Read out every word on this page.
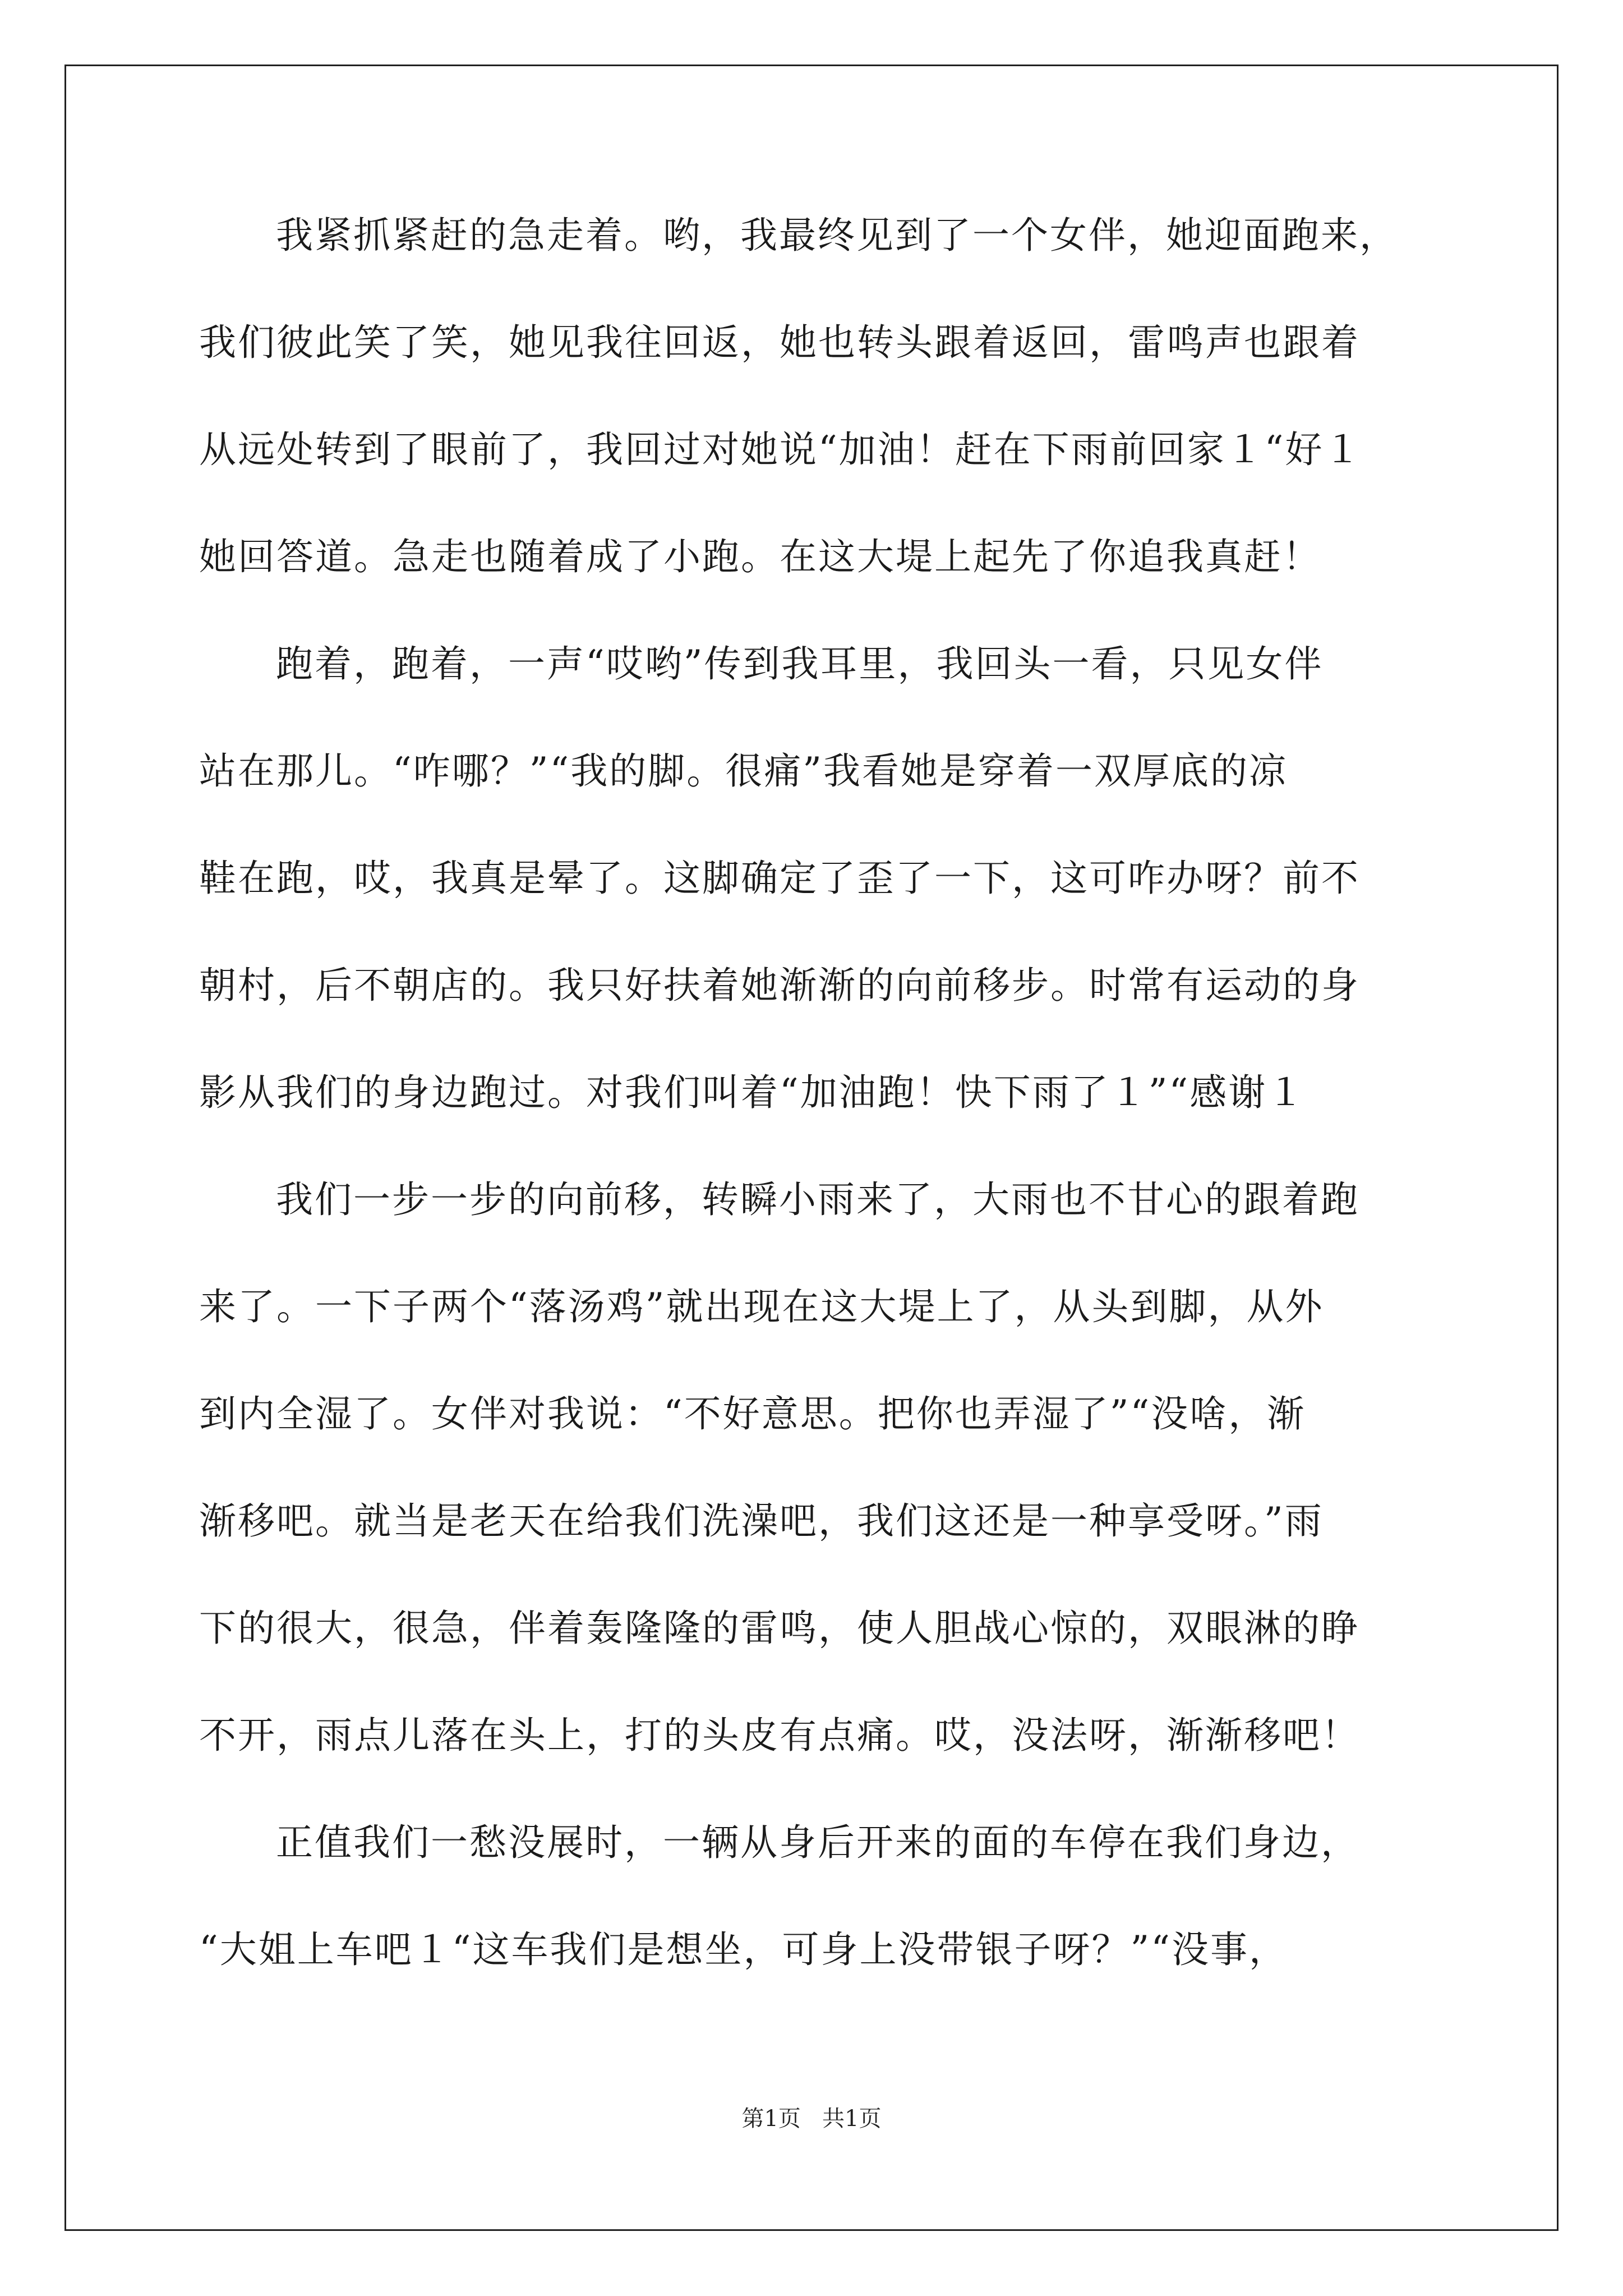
我紧抓紧赶的急走着。哟，我最终见到了一个女伴，她迎面跑来，
我们彼此笑了笑，她见我往回返，她也转头跟着返回，雷鸣声也跟着
从远处转到了眼前了，我回过对她说“加油！赶在下雨前回家１“好１
她回答道。急走也随着成了小跑。在这大堤上起先了你追我真赶！
跑着，跑着，一声“哎哟”传到我耳里，我回头一看，只见女伴
站在那儿。“咋哪？”“我的脚。很痛”我看她是穿着一双厚底的凉
鞋在跑，哎，我真是晕了。这脚确定了歪了一下，这可咋办呀？前不
朝村，后不朝店的。我只好扶着她渐渐的向前移步。时常有运动的身
影从我们的身边跑过。对我们叫着“加油跑！快下雨了１”“感谢１
我们一步一步的向前移，转瞬小雨来了，大雨也不甘心的跟着跑
来了。一下子两个“落汤鸡”就出现在这大堤上了，从头到脚，从外
到内全湿了。女伴对我说：“不好意思。把你也弄湿了”“没啥，渐
渐移吧。就当是老天在给我们洗澡吧，我们这还是一种享受呀。”雨
下的很大，很急，伴着轰隆隆的雷鸣，使人胆战心惊的，双眼淋的睁
不开，雨点儿落在头上，打的头皮有点痛。哎，没法呀，渐渐移吧！
正值我们一愁没展时，一辆从身后开来的面的车停在我们身边，
“大姐上车吧１“这车我们是想坐，可身上没带银子呀？”“没事，
第1页   共1页
